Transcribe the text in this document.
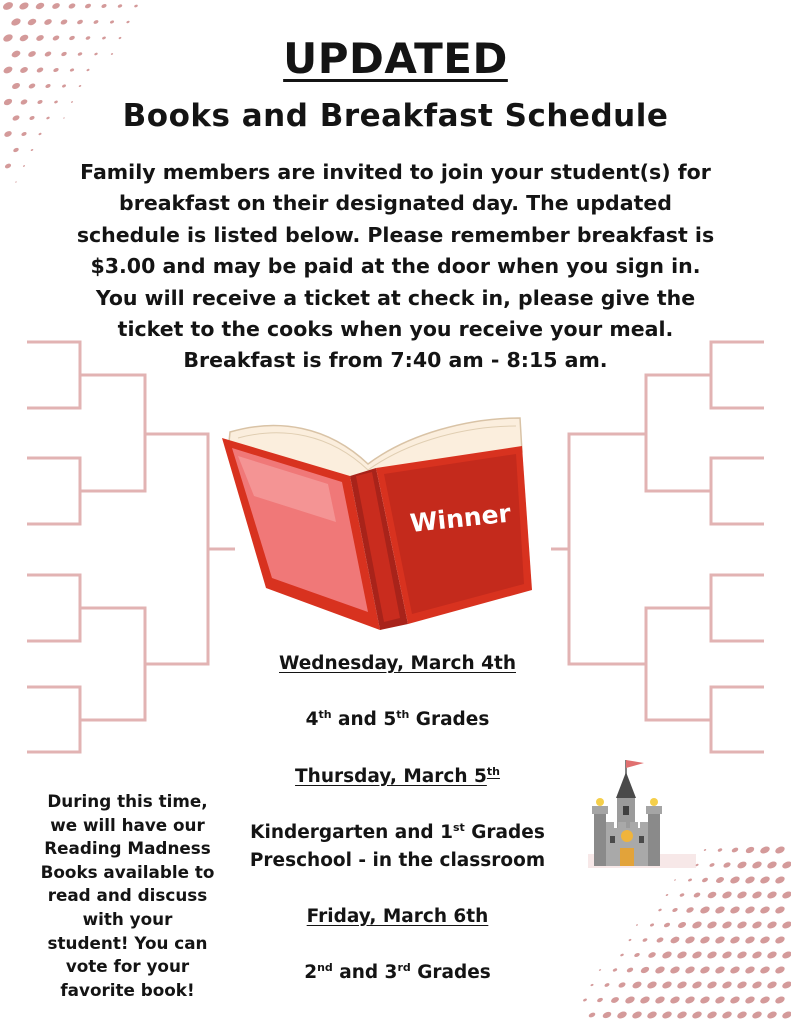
UPDATED
Books and Breakfast Schedule
Family members are invited to join your student(s) for
breakfast on their designated day. The updated
schedule is listed below. Please remember breakfast is
$3.00 and may be paid at the door when you sign in.
You will receive a ticket at check in, please give the
ticket to the cooks when you receive your meal.
Breakfast is from 7:40 am - 8:15 am.
Winner
Wednesday, March 4th
4th and 5th Grades
Thursday, March 5th
Kindergarten and 1st Grades
Preschool - in the classroom
Friday, March 6th
2nd and 3rd Grades
During this time,
we will have our
Reading Madness
Books available to
read and discuss
with your
student! You can
vote for your
favorite book!
